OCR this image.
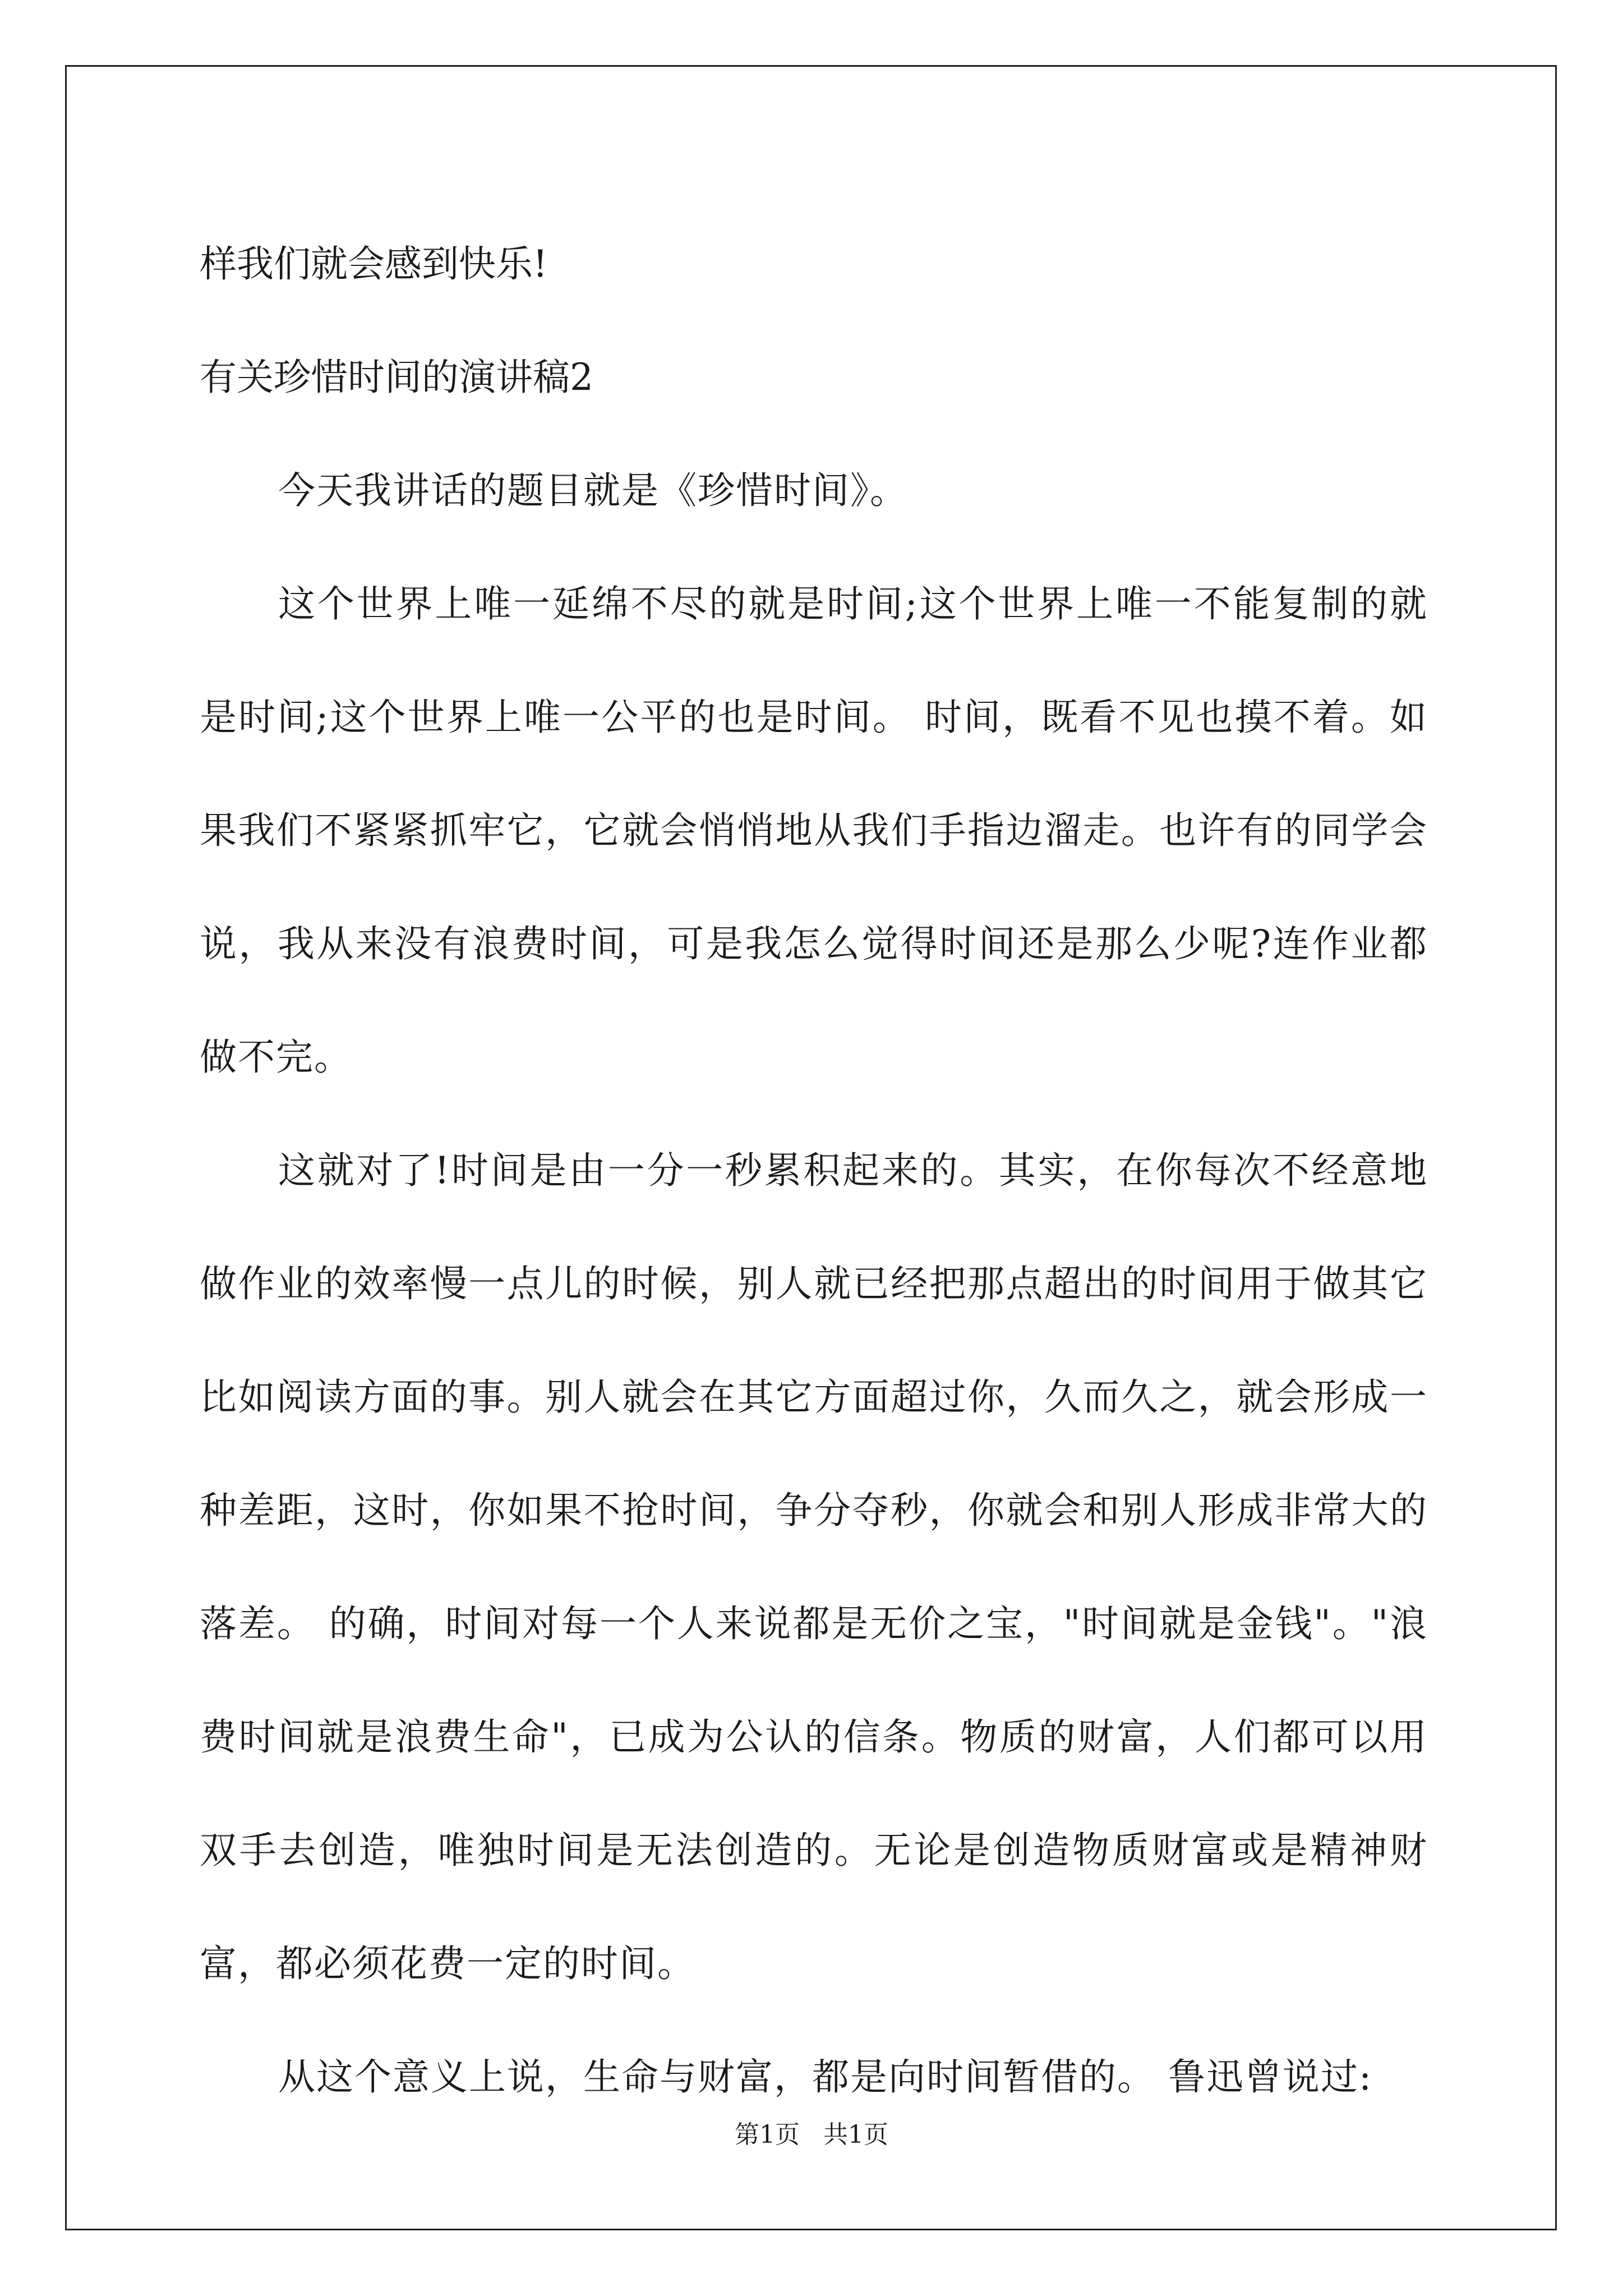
样我们就会感到快乐!
有关珍惜时间的演讲稿2

今天我讲话的题目就是《珍惜时间》。

这个世界上唯一延绵不尽的就是时间;这个世界上唯一不能复制的就是时间;这个世界上唯一公平的也是时间。 时间，既看不见也摸不着。如果我们不紧紧抓牢它，它就会悄悄地从我们手指边溜走。也许有的同学会说，我从来没有浪费时间，可是我怎么觉得时间还是那么少呢?连作业都做不完。

这就对了!时间是由一分一秒累积起来的。其实，在你每次不经意地做作业的效率慢一点儿的时候，别人就已经把那点超出的时间用于做其它比如阅读方面的事。别人就会在其它方面超过你，久而久之，就会形成一种差距，这时，你如果不抢时间，争分夺秒，你就会和别人形成非常大的落差。 的确，时间对每一个人来说都是无价之宝，"时间就是金钱"。"浪费时间就是浪费生命"，已成为公认的信条。物质的财富，人们都可以用双手去创造，唯独时间是无法创造的。无论是创造物质财富或是精神财富，都必须花费一定的时间。

从这个意义上说，生命与财富，都是向时间暂借的。 鲁迅曾说过:

第1页   共1页
